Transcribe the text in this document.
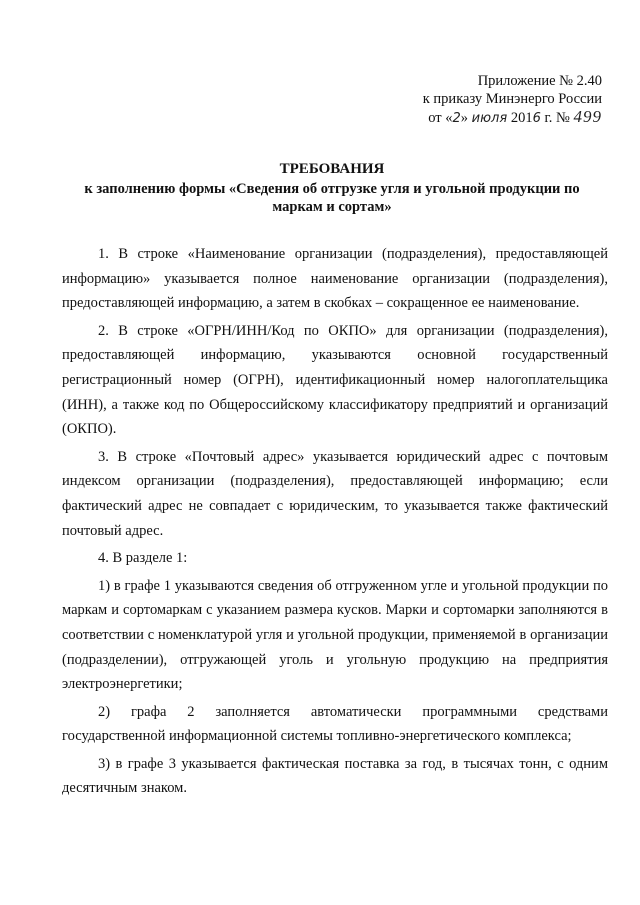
Приложение № 2.40
к приказу Минэнерго России
от «2» июля 2016 г. № 499
ТРЕБОВАНИЯ
к заполнению формы «Сведения об отгрузке угля и угольной продукции по маркам и сортам»

1. В строке «Наименование организации (подразделения), предоставляющей информацию» указывается полное наименование организации (подразделения), предоставляющей информацию, а затем в скобках – сокращенное ее наименование.

2. В строке «ОГРН/ИНН/Код по ОКПО» для организации (подразделения), предоставляющей информацию, указываются основной государственный регистрационный номер (ОГРН), идентификационный номер налогоплательщика (ИНН), а также код по Общероссийскому классификатору предприятий и организаций (ОКПО).

3. В строке «Почтовый адрес» указывается юридический адрес с почтовым индексом организации (подразделения), предоставляющей информацию; если фактический адрес не совпадает с юридическим, то указывается также фактический почтовый адрес.

4. В разделе 1:

1) в графе 1 указываются сведения об отгруженном угле и угольной продукции по маркам и сортомаркам с указанием размера кусков. Марки и сортомарки заполняются в соответствии с номенклатурой угля и угольной продукции, применяемой в организации (подразделении), отгружающей уголь и угольную продукцию на предприятия электроэнергетики;

2) графа 2 заполняется автоматически программными средствами государственной информационной системы топливно-энергетического комплекса;

3) в графе 3 указывается фактическая поставка за год, в тысячах тонн, с одним десятичным знаком.
